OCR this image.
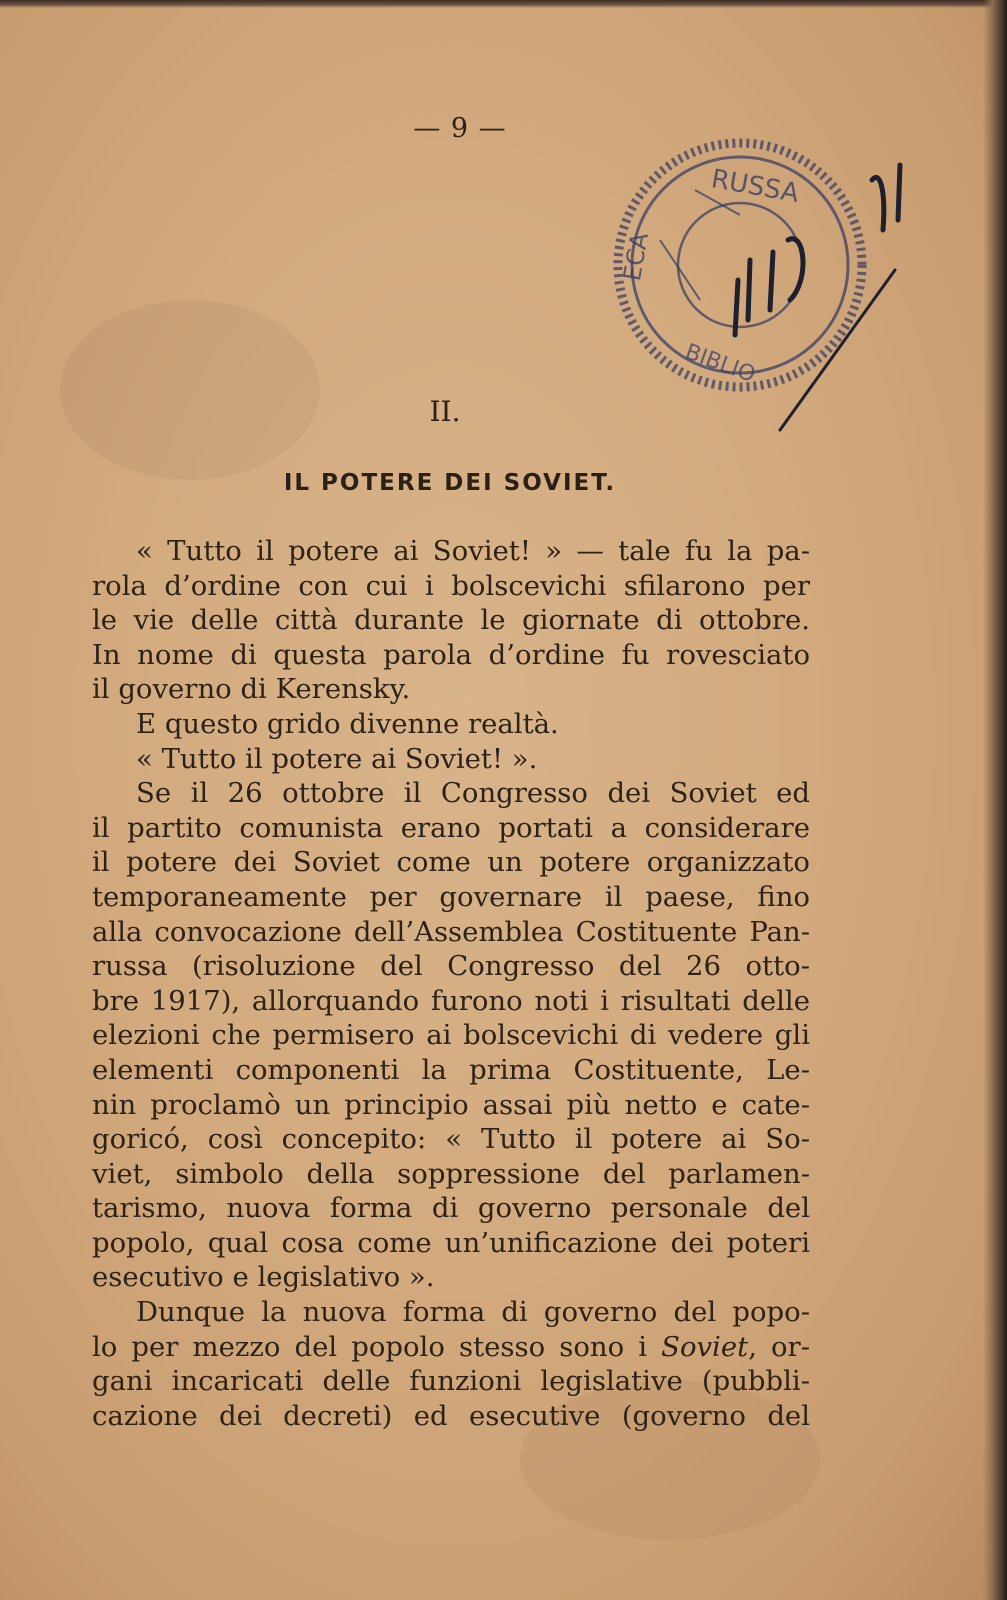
— 9 —
RUSSA
ECA
BIBLIO
II.
IL POTERE DEI SOVIET.
« Tutto il potere ai Soviet! » — tale fu la pa-
rola d’ordine con cui i bolscevichi sfilarono per
le vie delle città durante le giornate di ottobre.
In nome di questa parola d’ordine fu rovesciato
il governo di Kerensky.
E questo grido divenne realtà.
« Tutto il potere ai Soviet! ».
Se il 26 ottobre il Congresso dei Soviet ed
il partito comunista erano portati a considerare
il potere dei Soviet come un potere organizzato
temporaneamente per governare il paese, fino
alla convocazione dell’Assemblea Costituente Pan-
russa (risoluzione del Congresso del 26 otto-
bre 1917), allorquando furono noti i risultati delle
elezioni che permisero ai bolscevichi di vedere gli
elementi componenti la prima Costituente, Le-
nin proclamò un principio assai più netto e cate-
goricó, così concepito: « Tutto il potere ai So-
viet, simbolo della soppressione del parlamen-
tarismo, nuova forma di governo personale del
popolo, qual cosa come un’unificazione dei poteri
esecutivo e legislativo ».
Dunque la nuova forma di governo del popo-
lo per mezzo del popolo stesso sono i Soviet, or-
gani incaricati delle funzioni legislative (pubbli-
cazione dei decreti) ed esecutive (governo del
